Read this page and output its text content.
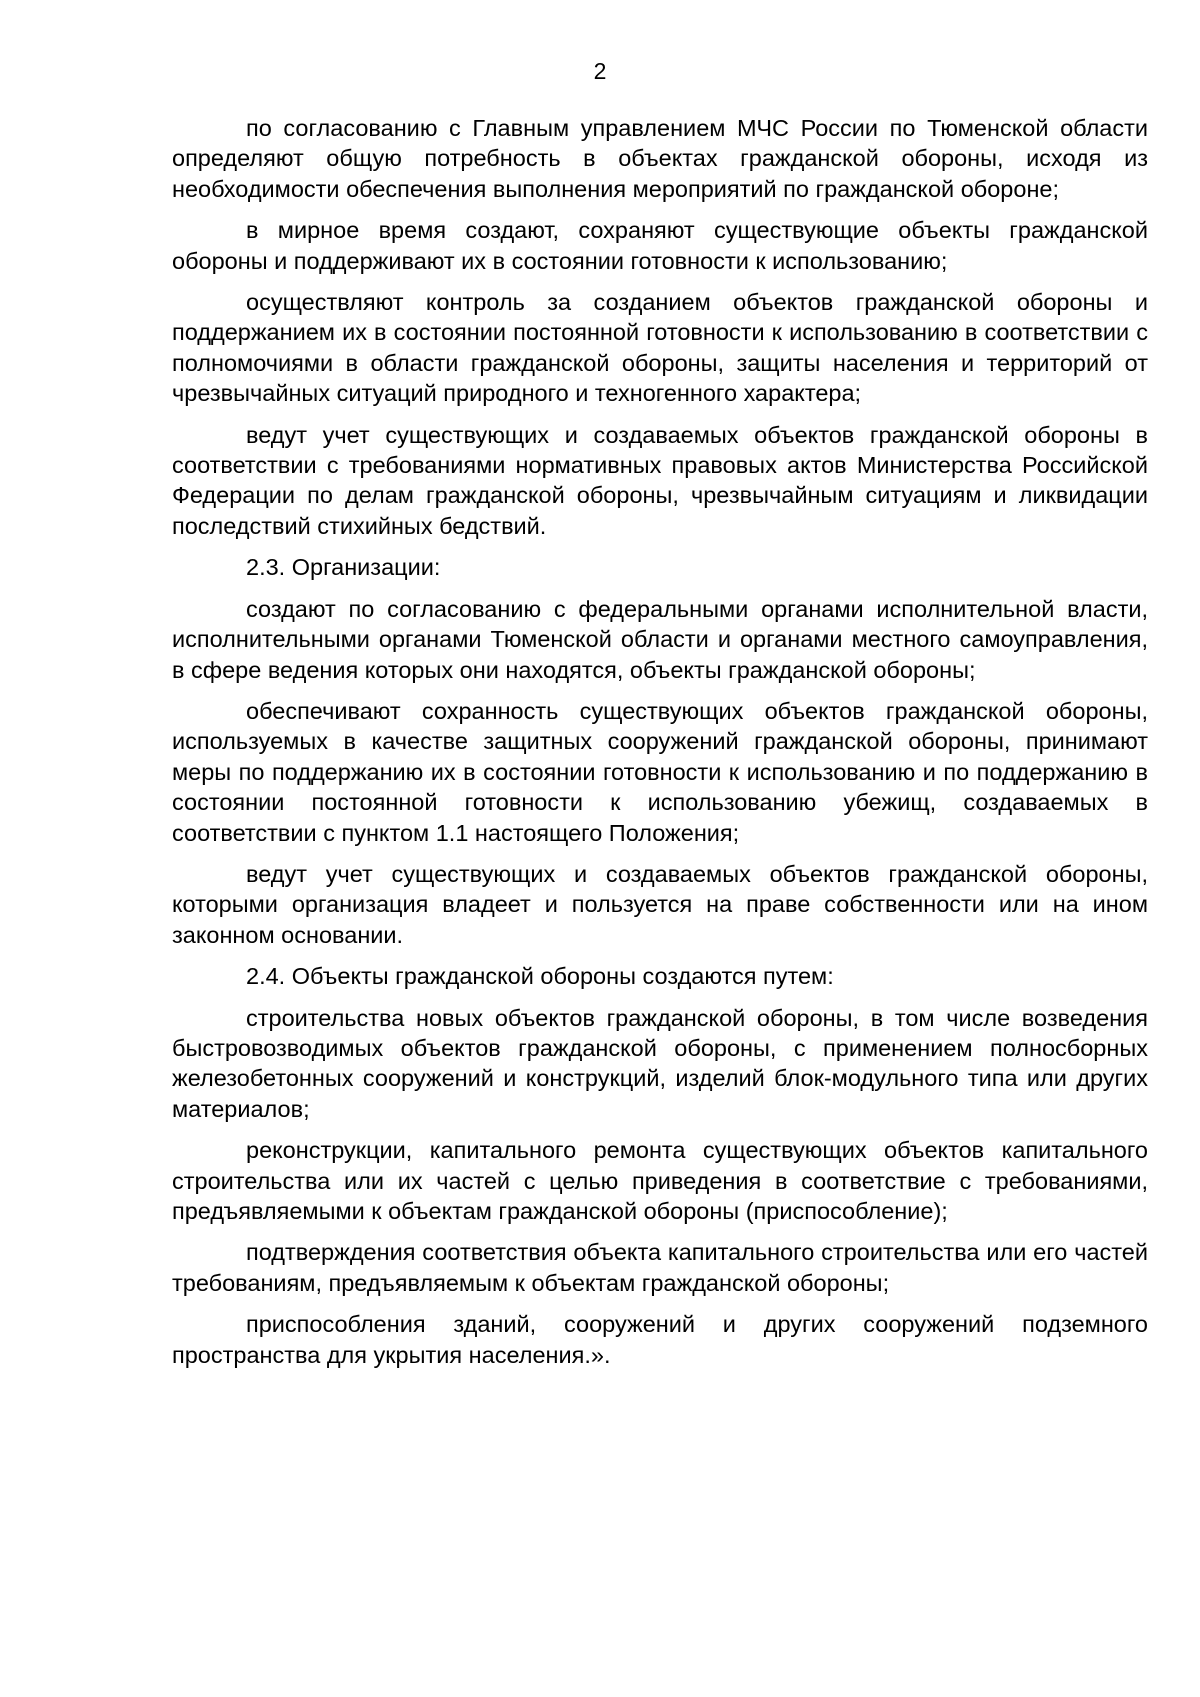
2

по согласованию с Главным управлением МЧС России по Тюменской области определяют общую потребность в объектах гражданской обороны, исходя из необходимости обеспечения выполнения мероприятий по гражданской обороне;

в мирное время создают, сохраняют существующие объекты гражданской обороны и поддерживают их в состоянии готовности к использованию;

осуществляют контроль за созданием объектов гражданской обороны и поддержанием их в состоянии постоянной готовности к использованию в соответствии с полномочиями в области гражданской обороны, защиты населения и территорий от чрезвычайных ситуаций природного и техногенного характера;

ведут учет существующих и создаваемых объектов гражданской обороны в соответствии с требованиями нормативных правовых актов Министерства Российской Федерации по делам гражданской обороны, чрезвычайным ситуациям и ликвидации последствий стихийных бедствий.

2.3. Организации:

создают по согласованию с федеральными органами исполнительной власти, исполнительными органами Тюменской области и органами местного самоуправления, в сфере ведения которых они находятся, объекты гражданской обороны;

обеспечивают сохранность существующих объектов гражданской обороны, используемых в качестве защитных сооружений гражданской обороны, принимают меры по поддержанию их в состоянии готовности к использованию и по поддержанию в состоянии постоянной готовности к использованию убежищ, создаваемых в соответствии с пунктом 1.1 настоящего Положения;

ведут учет существующих и создаваемых объектов гражданской обороны, которыми организация владеет и пользуется на праве собственности или на ином законном основании.

2.4. Объекты гражданской обороны создаются путем:

строительства новых объектов гражданской обороны, в том числе возведения быстровозводимых объектов гражданской обороны, с применением полносборных железобетонных сооружений и конструкций, изделий блок-модульного типа или других материалов;

реконструкции, капитального ремонта существующих объектов капитального строительства или их частей с целью приведения в соответствие с требованиями, предъявляемыми к объектам гражданской обороны (приспособление);

подтверждения соответствия объекта капитального строительства или его частей требованиям, предъявляемым к объектам гражданской обороны;

приспособления зданий, сооружений и других сооружений подземного пространства для укрытия населения.».
